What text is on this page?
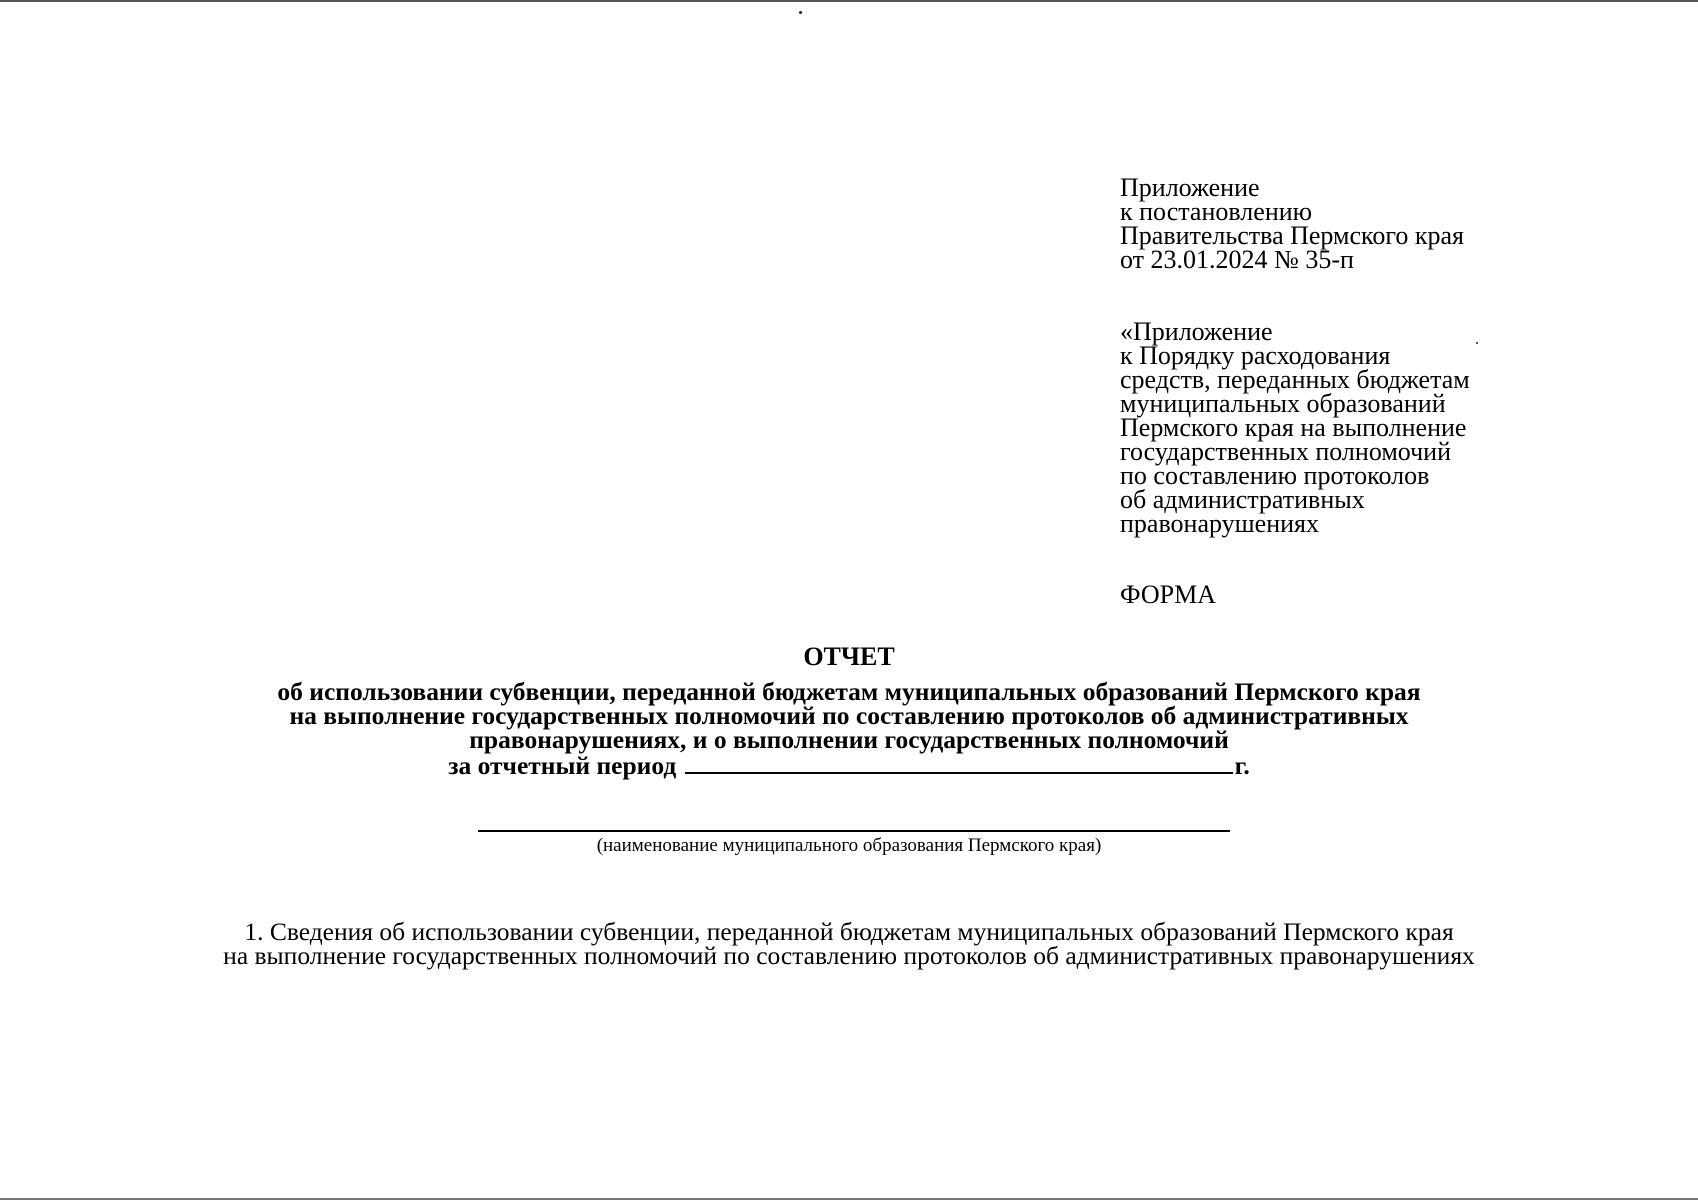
Приложение
к постановлению
Правительства Пермского края
от 23.01.2024 № 35-п
«Приложение
к Порядку расходования
средств, переданных бюджетам
муниципальных образований
Пермского края на выполнение
государственных полномочий
по составлению протоколов
об административных
правонарушениях
ФОРМА
ОТЧЕТ
об использовании субвенции, переданной бюджетам муниципальных образований Пермского края
на выполнение государственных полномочий по составлению протоколов об административных
правонарушениях, и о выполнении государственных полномочий
за отчетный период	г.
(наименование муниципального образования Пермского края)
1. Сведения об использовании субвенции, переданной бюджетам муниципальных образований Пермского края
на выполнение государственных полномочий по составлению протоколов об административных правонарушениях
